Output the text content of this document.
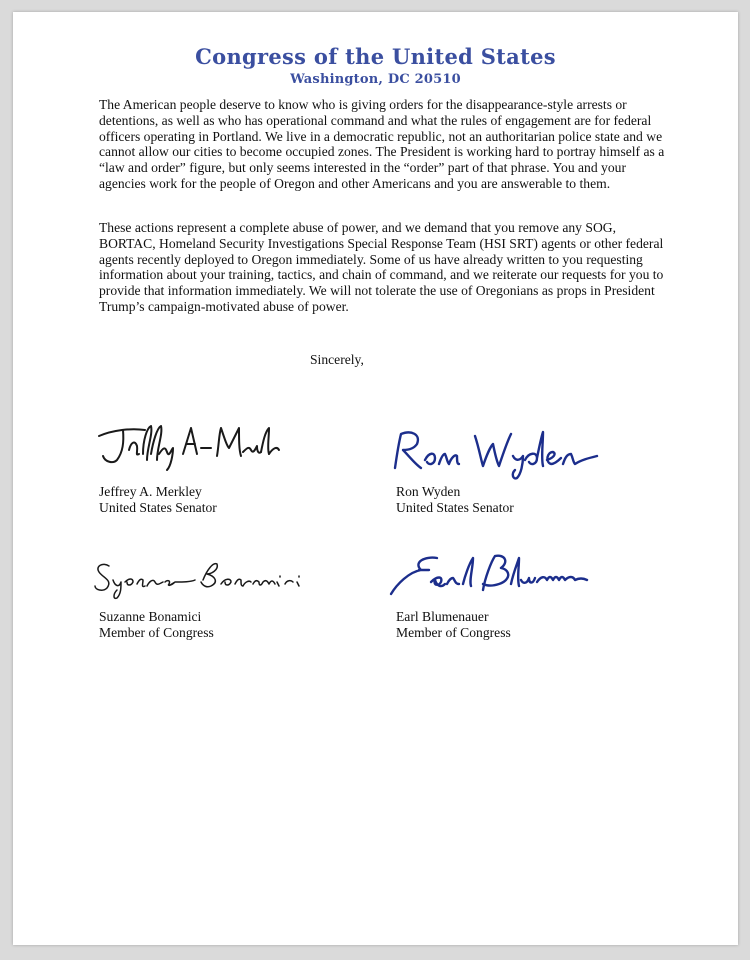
Congress of the United States
Washington, DC 20510

The American people deserve to know who is giving orders for the disappearance-style arrests or detentions, as well as who has operational command and what the rules of engagement are for federal officers operating in Portland. We live in a democratic republic, not an authoritarian police state and we cannot allow our cities to become occupied zones. The President is working hard to portray himself as a “law and order” figure, but only seems interested in the “order” part of that phrase. You and your agencies work for the people of Oregon and other Americans and you are answerable to them.

These actions represent a complete abuse of power, and we demand that you remove any SOG, BORTAC, Homeland Security Investigations Special Response Team (HSI SRT) agents or other federal agents recently deployed to Oregon immediately. Some of us have already written to you requesting information about your training, tactics, and chain of command, and we reiterate our requests for you to provide that information immediately. We will not tolerate the use of Oregonians as props in President Trump’s campaign-motivated abuse of power.

Sincerely,
Jeffrey A. Merkley
United States Senator
Ron Wyden
United States Senator
Suzanne Bonamici
Member of Congress
Earl Blumenauer
Member of Congress
